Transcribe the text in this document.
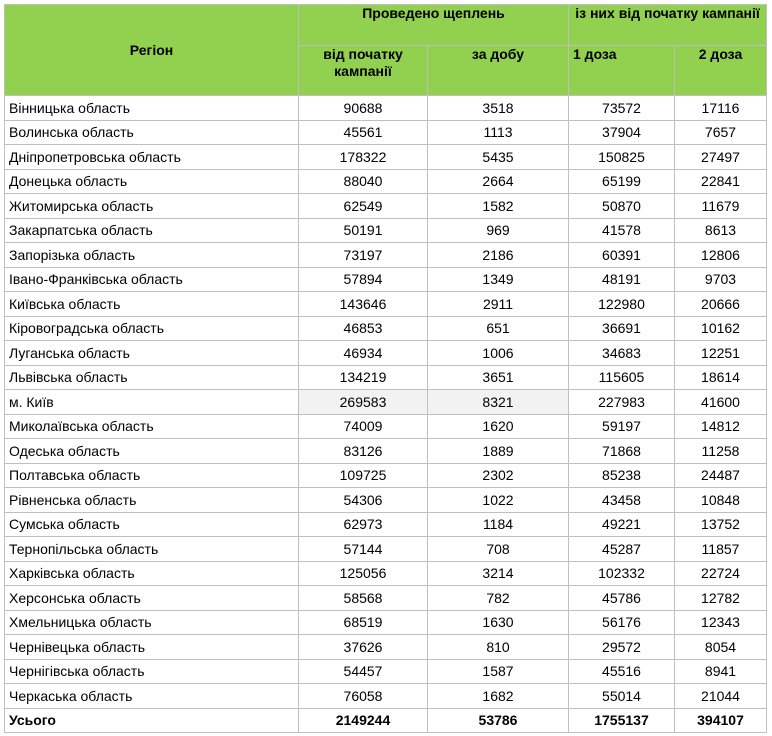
Регіон	Проведено щеплень		із них від початку кампанії	
	від початку кампанії	за добу	1 доза	2 доза
Вінницька область	90688	3518	73572	17116
Волинська область	45561	1113	37904	7657
Дніпропетровська область	178322	5435	150825	27497
Донецька область	88040	2664	65199	22841
Житомирська область	62549	1582	50870	11679
Закарпатська область	50191	969	41578	8613
Запорізька область	73197	2186	60391	12806
Івано-Франківська область	57894	1349	48191	9703
Київська область	143646	2911	122980	20666
Кіровоградська область	46853	651	36691	10162
Луганська область	46934	1006	34683	12251
Львівська область	134219	3651	115605	18614
м. Київ	269583	8321	227983	41600
Миколаївська область	74009	1620	59197	14812
Одеська область	83126	1889	71868	11258
Полтавська область	109725	2302	85238	24487
Рівненська область	54306	1022	43458	10848
Сумська область	62973	1184	49221	13752
Тернопільська область	57144	708	45287	11857
Харківська область	125056	3214	102332	22724
Херсонська область	58568	782	45786	12782
Хмельницька область	68519	1630	56176	12343
Чернівецька область	37626	810	29572	8054
Чернігівська область	54457	1587	45516	8941
Черкаська область	76058	1682	55014	21044
Усього	2149244	53786	1755137	394107
